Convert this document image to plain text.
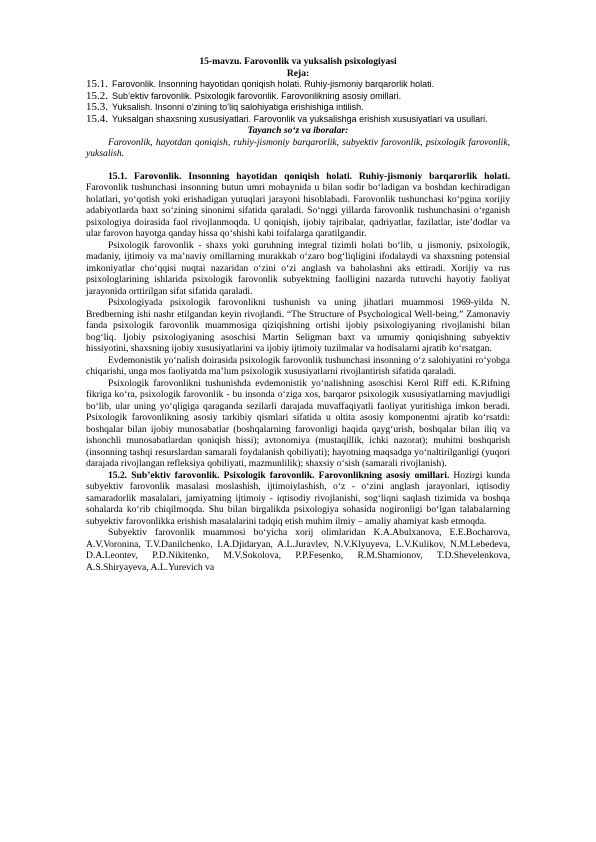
15-mavzu. Farovonlik va yuksalish psixologiyasi
Reja:
15.1. Farovonlik. Insonning hayotidan qoniqish holati. Ruhiy-jismoniy barqarorlik holati.
15.2. Sub’ektiv farovonlik. Psixologik farovonlik. Farovonlikning asosiy omillari.
15.3. Yuksalish. Insonni o‘zining to‘liq salohiyatiga erishishiga intilish.
15.4. Yuksalgan shaxsning xususiyatlari. Farovonlik va yuksalishga erishish xususiyatlari va usullari.
Tayanch so‘z va iboralar:

Farovonlik, hayotdan qoniqish, ruhiy-jismoniy barqarorlik, subyektiv farovonlik, psixologik farovonlik, yuksalish.

15.1. Farovonlik. Insonning hayotidan qoniqish holati. Ruhiy-jismoniy barqarorlik holati. Farovonlik tushunchasi insonning butun umri mobaynida u bilan sodir bo‘ladigan va boshdan kechiradigan holatlari, yo‘qotish yoki erishadigan yutuqlari jarayoni hisoblabadi. Farovonlik tushunchasi ko‘pgina xorijiy adabiyotlarda baxt so‘zining sinonimi sifatida qaraladi. So‘nggi yillarda farovonlik tushunchasini o‘rganish psixologiya doirasida faol rivojlanmoqda. U qoniqish, ijobiy tajribalar, qadriyatlar, fazilatlar, iste’dodlar va ular farovon hayotga qanday hissa qo‘shishi kabi toifalarga qaratilgandir.

Psixologik farovonlik - shaxs yoki guruhning integral tizimli holati bo‘lib, u jismoniy, psixologik, madaniy, ijtimoiy va ma’naviy omillarning murakkab o‘zaro bog‘liqligini ifodalaydi va shaxsning potensial imkoniyatlar cho‘qqisi nuqtai nazaridan o‘zini o‘zi anglash va baholashni aks ettiradi. Xorijiy va rus psixologlarining ishlarida psixologik farovonlik subyektning faolligini nazarda tutuvchi hayotiy faoliyat jarayonida orttirilgan sifat sifatida qaraladi.

Psixologiyada psixologik farovonlikni tushunish va uning jihatlari muammosi 1969-yilda N. Bredberning ishi nashr etilgandan keyin rivojlandi. “The Structure of Psychological Well-being.” Zamonaviy fanda psixologik farovonlik muammosiga qiziqishning ortishi ijobiy psixologiyaning rivojlanishi bilan bog‘liq. Ijobiy psixologiyaning asoschisi Martin Seligman baxt va umumiy qoniqishning subyektiv hissiyotini, shaxsning ijobiy xususiyatlarini va ijobiy ijtimoiy tuzilmalar va hodisalarni ajratib ko‘rsatgan.

Evdemonistik yo‘nalish doirasida psixologik farovonlik tushunchasi insonning o‘z salohiyatini ro‘yobga chiqarishi, unga mos faoliyatda ma’lum psixologik xususiyatlarni rivojlantirish sifatida qaraladi.

Psixologik farovonlikni tushunishda evdemonistik yo‘nalishning asoschisi Kerol Riff edi. K.Rifning fikriga ko‘ra, psixologik farovonlik - bu insonda o‘ziga xos, barqaror psixologik xususiyatlarning mavjudligi bo‘lib, ular uning yo‘qligiga qaraganda sezilarli darajada muvaffaqiyatli faoliyat yuritishiga imkon beradi. Psixologik farovonlikning asosiy tarkibiy qismlari sifatida u oltita asosiy komponentni ajratib ko‘rsatdi: boshqalar bilan ijobiy munosabatlar (boshqalarning farovonligi haqida qayg‘urish, boshqalar bilan iliq va ishonchli munosabatlardan qoniqish hissi); avtonomiya (mustaqillik, ichki nazorat); muhitni boshqarish (insonning tashqi resurslardan samarali foydalanish qobiliyati); hayotning maqsadga yo‘naltirilganligi (yuqori darajada rivojlangan refleksiya qobiliyati, mazmunlilik); shaxsiy o‘sish (samarali rivojlanish).

15.2. Sub’ektiv farovonlik. Psixologik farovonlik. Farovonlikning asosiy omillari. Hozirgi kunda subyektiv farovonlik masalasi moslashish, ijtimoiylashish, o‘z - o‘zini anglash jarayonlari, iqtisodiy samaradorlik masalalari, jamiyatning ijtimoiy - iqtisodiy rivojlanishi, sog‘liqni saqlash tizimida va boshqa sohalarda ko‘rib chiqilmoqda. Shu bilan birgalikda psixologiya sohasida nogironligi bo‘lgan talabalarning subyektiv farovonlikka erishish masalalarini tadqiq etish muhim ilmiy – amaliy ahamiyat kasb etmoqda.

Subyektiv farovonlik muammosi bo‘yicha xorij olimlaridan K.A.Abulxanova, E.E.Bocharova, A.V.Voronina, T.V.Danilchenko, I.A.Djidaryan, A.L.Juravlev, N.V.Klyuyeva, L.V.Kulikov, N.M.Lebedeva, D.A.Leontev, P.D.Nikitenko, M.V.Sokolova, P.P.Fesenko, R.M.Shamionov, T.D.Shevelenkova, A.S.Shiryayeva, A.L.Yurevich va
